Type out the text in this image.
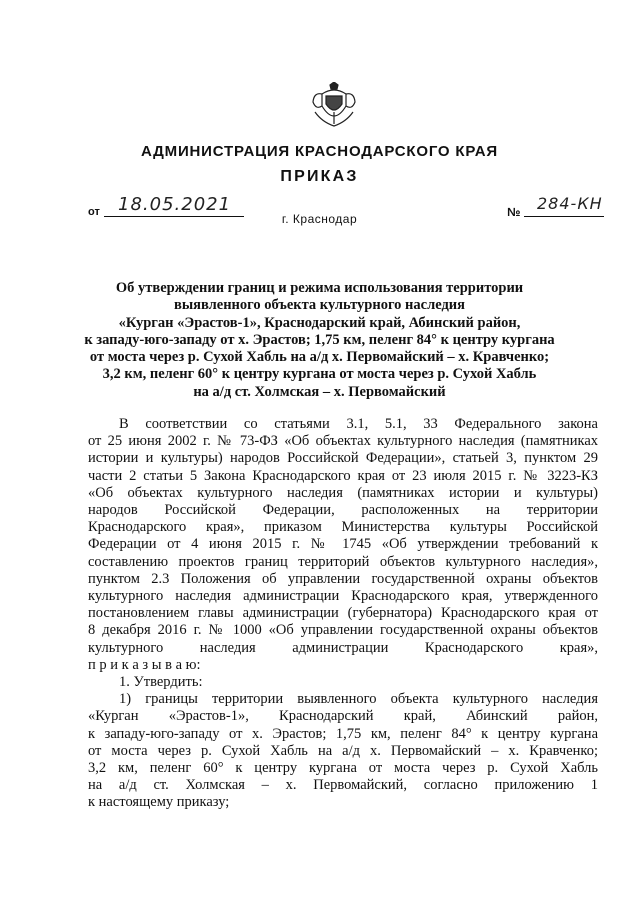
АДМИНИСТРАЦИЯ КРАСНОДАРСКОГО КРАЯ
ПРИКАЗ
от 18.05.2021	№ 284-КН
г. Краснодар
Об утверждении границ и режима использования территории
выявленного объекта культурного наследия
«Курган «Эрастов-1», Краснодарский край, Абинский район,
к западу-юго-западу от х. Эрастов; 1,75 км, пеленг 84° к центру кургана
от моста через р. Сухой Хабль на а/д х. Первомайский – х. Кравченко;
3,2 км, пеленг 60° к центру кургана от моста через р. Сухой Хабль
на а/д ст. Холмская – х. Первомайский
В соответствии со статьями 3.1, 5.1, 33 Федерального закона
от 25 июня 2002 г. № 73-ФЗ «Об объектах культурного наследия (памятниках
истории и культуры) народов Российской Федерации», статьей 3, пунктом 29
части 2 статьи 5 Закона Краснодарского края от 23 июля 2015 г. № 3223-КЗ
«Об объектах культурного наследия (памятниках истории и культуры)
народов Российской Федерации, расположенных на территории
Краснодарского края», приказом Министерства культуры Российской
Федерации от 4 июня 2015 г. № 1745 «Об утверждении требований к
составлению проектов границ территорий объектов культурного наследия»,
пунктом 2.3 Положения об управлении государственной охраны объектов
культурного наследия администрации Краснодарского края, утвержденного
постановлением главы администрации (губернатора) Краснодарского края от
8 декабря 2016 г. № 1000 «Об управлении государственной охраны объектов
культурного наследия администрации Краснодарского края»,
п р и к а з ы в а ю:
1. Утвердить:
1) границы территории выявленного объекта культурного наследия
«Курган «Эрастов-1», Краснодарский край, Абинский район,
к западу-юго-западу от х. Эрастов; 1,75 км, пеленг 84° к центру кургана
от моста через р. Сухой Хабль на а/д х. Первомайский – х. Кравченко;
3,2 км, пеленг 60° к центру кургана от моста через р. Сухой Хабль
на а/д ст. Холмская – х. Первомайский, согласно приложению 1
к настоящему приказу;
